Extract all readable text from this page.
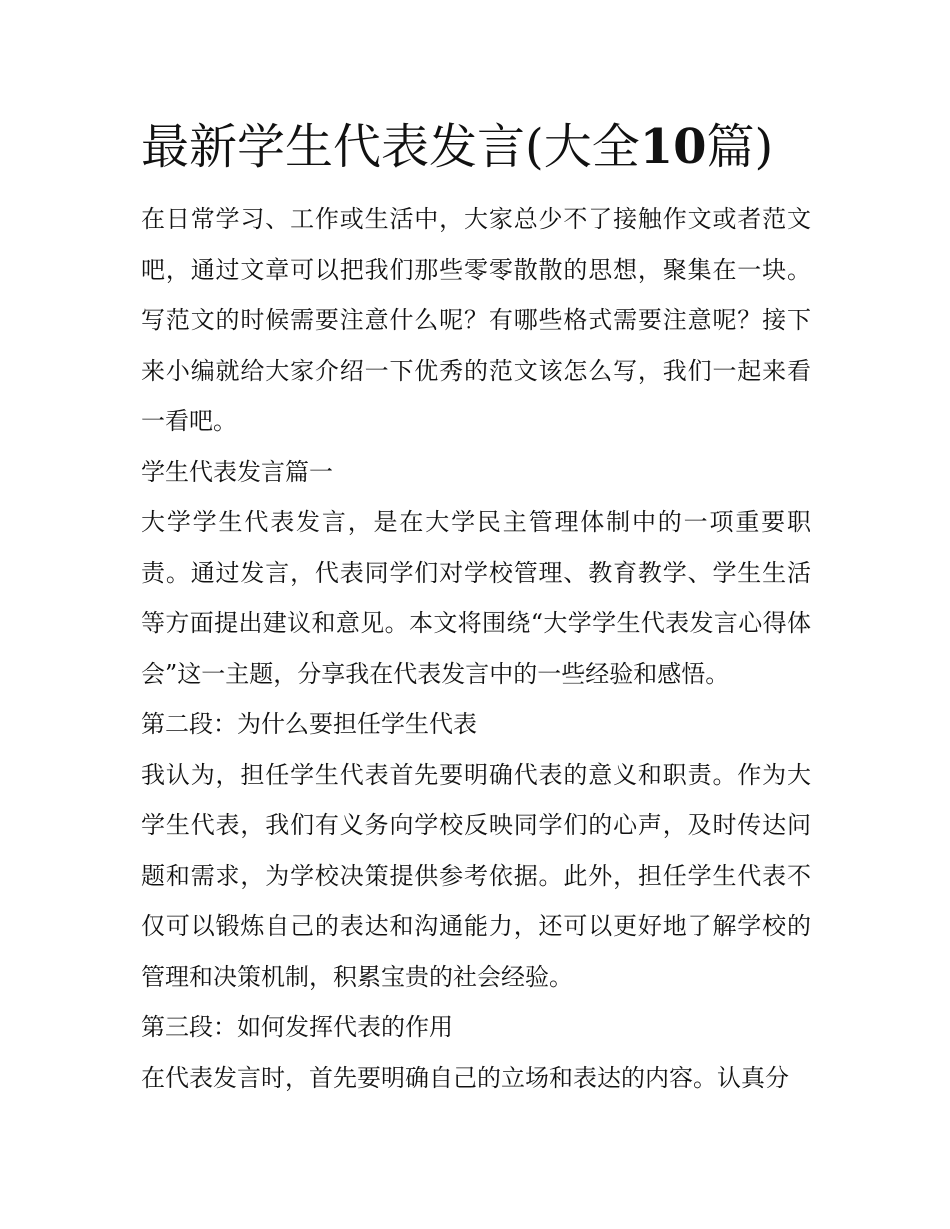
最新学生代表发言(大全10篇)

在日常学习、工作或生活中，大家总少不了接触作文或者范文吧，通过文章可以把我们那些零零散散的思想，聚集在一块。写范文的时候需要注意什么呢？有哪些格式需要注意呢？接下来小编就给大家介绍一下优秀的范文该怎么写，我们一起来看一看吧。

学生代表发言篇一

大学学生代表发言，是在大学民主管理体制中的一项重要职责。通过发言，代表同学们对学校管理、教育教学、学生生活等方面提出建议和意见。本文将围绕“大学学生代表发言心得体会”这一主题，分享我在代表发言中的一些经验和感悟。

第二段：为什么要担任学生代表

我认为，担任学生代表首先要明确代表的意义和职责。作为大学生代表，我们有义务向学校反映同学们的心声，及时传达问题和需求，为学校决策提供参考依据。此外，担任学生代表不仅可以锻炼自己的表达和沟通能力，还可以更好地了解学校的管理和决策机制，积累宝贵的社会经验。

第三段：如何发挥代表的作用

在代表发言时，首先要明确自己的立场和表达的内容。认真分
